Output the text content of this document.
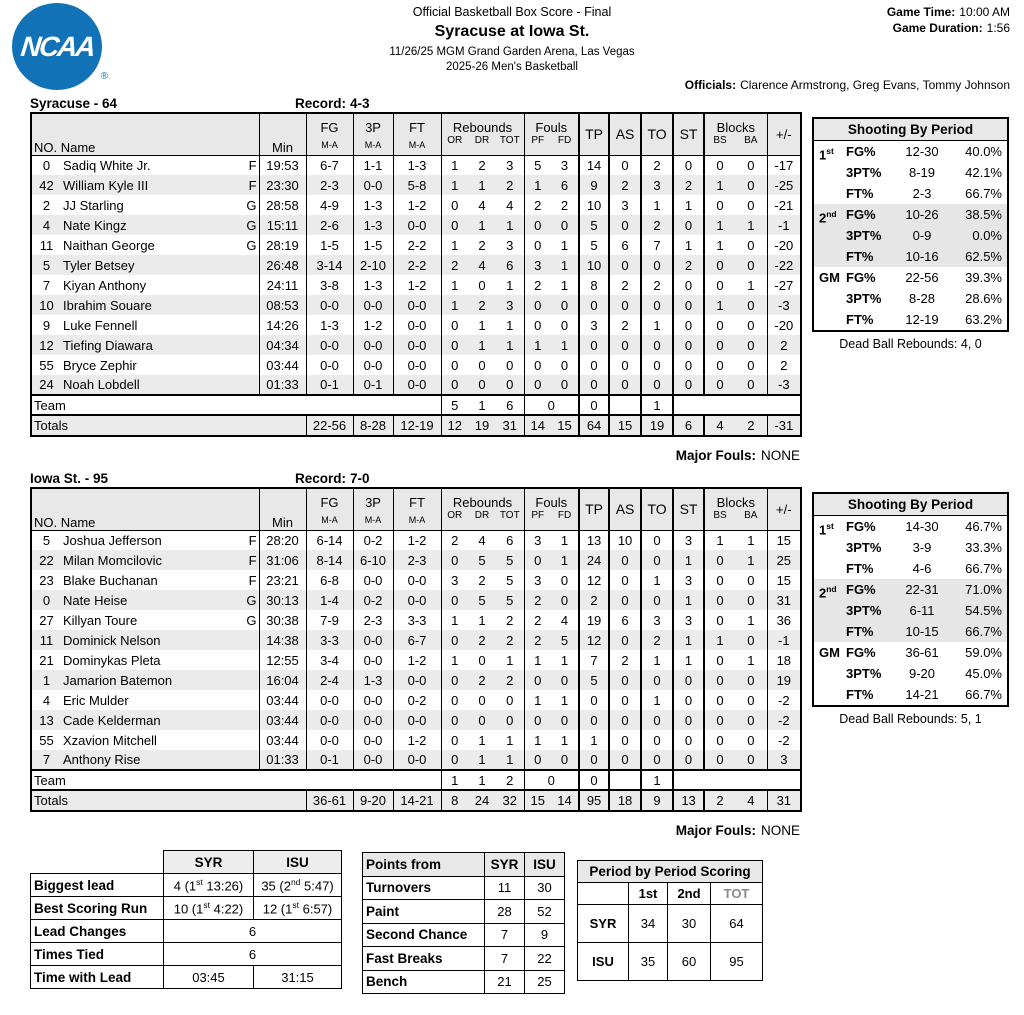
NCAA
®
Official Basketball Box Score - Final
Syracuse at Iowa St.
11/26/25 MGM Grand Garden Arena, Las Vegas
2025-26 Men's Basketball
Game Time: 10:00 AM
Game Duration: 1:56
Officials: Clarence Armstrong, Greg Evans, Tommy Johnson
Syracuse - 64	Record: 4-3
NO. Name			Min	FG	3P	FT	Rebounds			Fouls		TP	AS	TO	ST	Blocks		+/-
				M-A	M-A	M-A	OR	DR	TOT	PF	FD					BS	BA	
0	Sadiq White Jr.	F	19:53	6-7	1-1	1-3	1	2	3	5	3	14	0	2	0	0	0	-17
42	William Kyle III	F	23:30	2-3	0-0	5-8	1	1	2	1	6	9	2	3	2	1	0	-25
2	JJ Starling	G	28:58	4-9	1-3	1-2	0	4	4	2	2	10	3	1	1	0	0	-21
4	Nate Kingz	G	15:11	2-6	1-3	0-0	0	1	1	0	0	5	0	2	0	1	1	-1
11	Naithan George	G	28:19	1-5	1-5	2-2	1	2	3	0	1	5	6	7	1	1	0	-20
5	Tyler Betsey		26:48	3-14	2-10	2-2	2	4	6	3	1	10	0	0	2	0	0	-22
7	Kiyan Anthony		24:11	3-8	1-3	1-2	1	0	1	2	1	8	2	2	0	0	1	-27
10	Ibrahim Souare		08:53	0-0	0-0	0-0	1	2	3	0	0	0	0	0	0	1	0	-3
9	Luke Fennell		14:26	1-3	1-2	0-0	0	1	1	0	0	3	2	1	0	0	0	-20
12	Tiefing Diawara		04:34	0-0	0-0	0-0	0	1	1	1	1	0	0	0	0	0	0	2
55	Bryce Zephir		03:44	0-0	0-0	0-0	0	0	0	0	0	0	0	0	0	0	0	2
24	Noah Lobdell		01:33	0-1	0-1	0-0	0	0	0	0	0	0	0	0	0	0	0	-3
Team							5	1	6	0		0		1				
Totals				22-56	8-28	12-19	12	19	31	14	15	64	15	19	6	4	2	-31
Major Fouls: NONE
Shooting By Period
1st FG%	12-30	40.0%
3PT%	8-19	42.1%
FT%	2-3	66.7%
2nd FG%	10-26	38.5%
3PT%	0-9	0.0%
FT%	10-16	62.5%
GM FG%	22-56	39.3%
3PT%	8-28	28.6%
FT%	12-19	63.2%
Dead Ball Rebounds: 4, 0
Iowa St. - 95	Record: 7-0
NO. Name			Min	FG	3P	FT	Rebounds			Fouls		TP	AS	TO	ST	Blocks		+/-
				M-A	M-A	M-A	OR	DR	TOT	PF	FD					BS	BA	
5	Joshua Jefferson	F	28:20	6-14	0-2	1-2	2	4	6	3	1	13	10	0	3	1	1	15
22	Milan Momcilovic	F	31:06	8-14	6-10	2-3	0	5	5	0	1	24	0	0	1	0	1	25
23	Blake Buchanan	F	23:21	6-8	0-0	0-0	3	2	5	3	0	12	0	1	3	0	0	15
0	Nate Heise	G	30:13	1-4	0-2	0-0	0	5	5	2	0	2	0	0	1	0	0	31
27	Killyan Toure	G	30:38	7-9	2-3	3-3	1	1	2	2	4	19	6	3	3	0	1	36
11	Dominick Nelson		14:38	3-3	0-0	6-7	0	2	2	2	5	12	0	2	1	1	0	-1
21	Dominykas Pleta		12:55	3-4	0-0	1-2	1	0	1	1	1	7	2	1	1	0	1	18
1	Jamarion Batemon		16:04	2-4	1-3	0-0	0	2	2	0	0	5	0	0	0	0	0	19
4	Eric Mulder		03:44	0-0	0-0	0-2	0	0	0	1	1	0	0	1	0	0	0	-2
13	Cade Kelderman		03:44	0-0	0-0	0-0	0	0	0	0	0	0	0	0	0	0	0	-2
55	Xzavion Mitchell		03:44	0-0	0-0	1-2	0	1	1	1	1	1	0	0	0	0	0	-2
7	Anthony Rise		01:33	0-1	0-0	0-0	0	1	1	0	0	0	0	0	0	0	0	3
Team							1	1	2	0		0		1				
Totals				36-61	9-20	14-21	8	24	32	15	14	95	18	9	13	2	4	31
Major Fouls: NONE
Shooting By Period
1st FG%	14-30	46.7%
3PT%	3-9	33.3%
FT%	4-6	66.7%
2nd FG%	22-31	71.0%
3PT%	6-11	54.5%
FT%	10-15	66.7%
GM FG%	36-61	59.0%
3PT%	9-20	45.0%
FT%	14-21	66.7%
Dead Ball Rebounds: 5, 1
	SYR	ISU
Biggest lead	4 (1st 13:26)	35 (2nd 5:47)
Best Scoring Run	10 (1st 4:22)	12 (1st 6:57)
Lead Changes	6	
Times Tied	6	
Time with Lead	03:45	31:15
Points from	SYR	ISU
Turnovers	11	30
Paint	28	52
Second Chance	7	9
Fast Breaks	7	22
Bench	21	25
Period by Period Scoring			
	1st	2nd	TOT
SYR	34	30	64
ISU	35	60	95
